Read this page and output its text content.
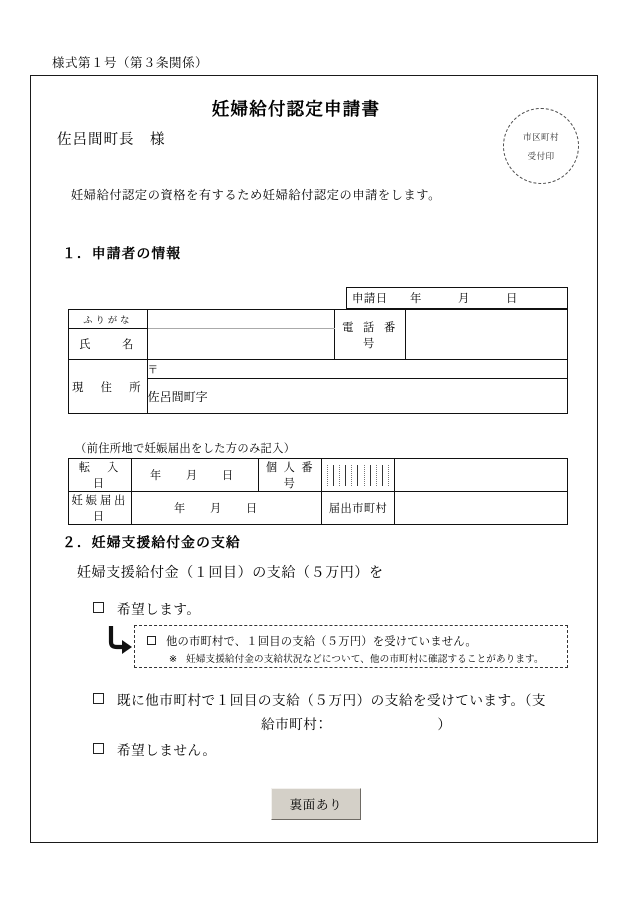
様式第１号（第３条関係）
妊婦給付認定申請書
市区町村
受付印
佐呂間町長　様
妊婦給付認定の資格を有するため妊婦給付認定の申請をします。
１．申請者の情報
申請日	年	月	日
ふりがな		電 話 番 号	
氏　　名			
現　住　所	〒		
	佐呂間町字		
（前住所地で妊娠届出をした方のみ記入）
転　入　日	年 月 日	個 人 番 号		

妊娠届出日	年 月 日		届出市町村	
２．妊婦支援給付金の支給
妊婦支援給付金（１回目）の支給（５万円）を
希望します。
他の市町村で、１回目の支給（５万円）を受けていません。
※ 妊婦支援給付金の支給状況などについて、他の市町村に確認することがあります。
既に他市町村で１回目の支給（５万円）の支給を受けています。（支
給市町村：　　　　　　　　）
希望しません。
裏面あり
